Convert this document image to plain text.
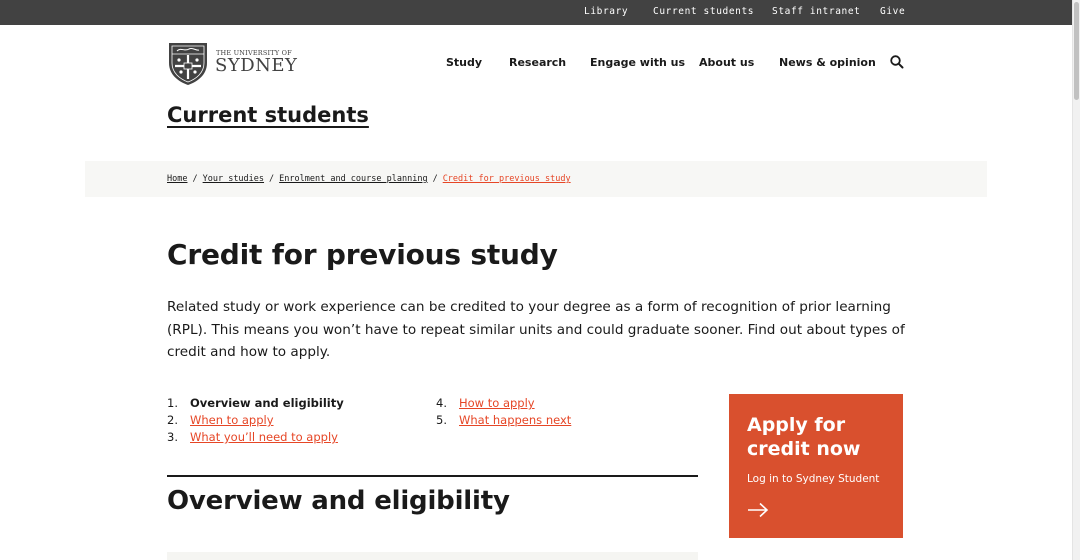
Library	Current students Staff intranet Give
THE UNIVERSITY OF
SYDNEY	Study Research Engage with us About us News & opinion
Current students
Home / Your studies / Enrolment and course planning / Credit for previous study
Credit for previous study

Related study or work experience can be credited to your degree as a form of recognition of prior learning (RPL). This means you won’t have to repeat similar units and could graduate sooner. Find out about types of credit and how to apply.

1.	Overview and eligibility
2.	When to apply
3.	What you’ll need to apply
4.	How to apply
5.	What happens next
Overview and eligibility
Apply for credit now
Log in to Sydney Student
